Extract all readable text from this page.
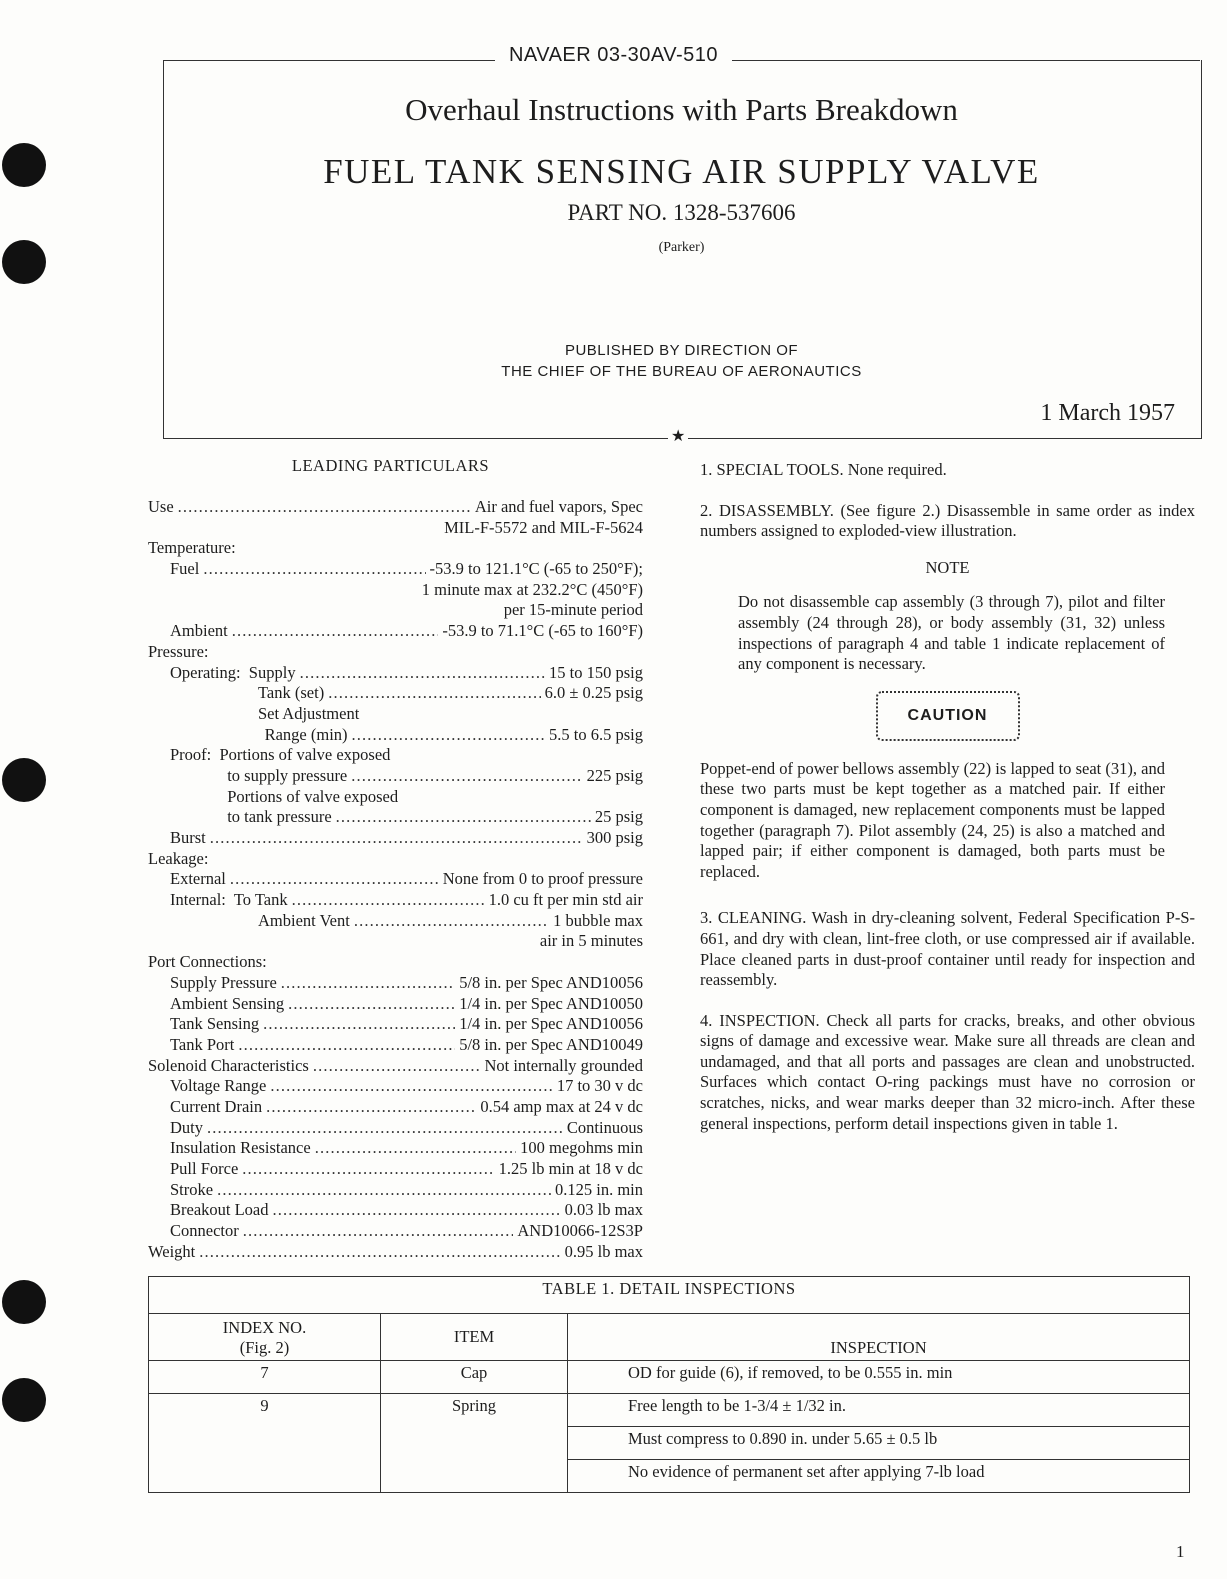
NAVAER 03-30AV-510
Overhaul Instructions with Parts Breakdown
FUEL TANK SENSING AIR SUPPLY VALVE
PART NO. 1328-537606
(Parker)
PUBLISHED BY DIRECTION OF
THE CHIEF OF THE BUREAU OF AERONAUTICS
1 March 1957
★
LEADING PARTICULARS
Use . . .	Air and fuel vapors, Spec
MIL-F-5572 and MIL-F-5624
Temperature:
Fuel . . .	-53.9 to 121.1°C (-65 to 250°F);
1 minute max at 232.2°C (450°F)
per 15-minute period
Ambient . . .	-53.9 to 71.1°C (-65 to 160°F)
Pressure:
Operating:  Supply . . .	15 to 150 psig
Tank (set) . . .	6.0 ± 0.25 psig
Set Adjustment
Range (min) . . .	5.5 to 6.5 psig
Proof:  Portions of valve exposed
to supply pressure . . .	225 psig
Portions of valve exposed
to tank pressure . . .	25 psig
Burst . . .	300 psig
Leakage:
External . . .	None from 0 to proof pressure
Internal:  To Tank . . .	1.0 cu ft per min std air
Ambient Vent . . .	1 bubble max
air in 5 minutes
Port Connections:
Supply Pressure . . .	5/8 in. per Spec AND10056
Ambient Sensing . . .	1/4 in. per Spec AND10050
Tank Sensing . . .	1/4 in. per Spec AND10056
Tank Port . . .	5/8 in. per Spec AND10049
Solenoid Characteristics . . .	Not internally grounded
Voltage Range . . .	17 to 30 v dc
Current Drain . . .	0.54 amp max at 24 v dc
Duty . . .	Continuous
Insulation Resistance . . .	100 megohms min
Pull Force . . .	1.25 lb min at 18 v dc
Stroke . . .	0.125 in. min
Breakout Load . . .	0.03 lb max
Connector . . .	AND10066-12S3P
Weight . . .	0.95 lb max

1. SPECIAL TOOLS. None required.

2. DISASSEMBLY. (See figure 2.) Disassemble in same order as index numbers assigned to exploded-view illustration.

NOTE
Do not disassemble cap assembly (3 through 7), pilot and filter assembly (24 through 28), or body assembly (31, 32) unless inspections of paragraph 4 and table 1 indicate replacement of any component is necessary.
CAUTION

Poppet-end of power bellows assembly (22) is lapped to seat (31), and these two parts must be kept together as a matched pair. If either component is damaged, new replacement components must be lapped together (paragraph 7). Pilot assembly (24, 25) is also a matched and lapped pair; if either component is damaged, both parts must be replaced.

3. CLEANING. Wash in dry-cleaning solvent, Federal Specification P-S-661, and dry with clean, lint-free cloth, or use compressed air if available. Place cleaned parts in dust-proof container until ready for inspection and reassembly.

4. INSPECTION. Check all parts for cracks, breaks, and other obvious signs of damage and excessive wear. Make sure all threads are clean and undamaged, and that all ports and passages are clean and unobstructed. Surfaces which contact O-ring packings must have no corrosion or scratches, nicks, and wear marks deeper than 32 micro-inch. After these general inspections, perform detail inspections given in table 1.

TABLE 1. DETAIL INSPECTIONS		

INDEX NO.
(Fig. 2)	ITEM	INSPECTION
7	Cap	OD for guide (6), if removed, to be 0.555 in. min
9	Spring	Free length to be 1-3/4 ± 1/32 in.
		Must compress to 0.890 in. under 5.65 ± 0.5 lb
		No evidence of permanent set after applying 7-lb load
1
